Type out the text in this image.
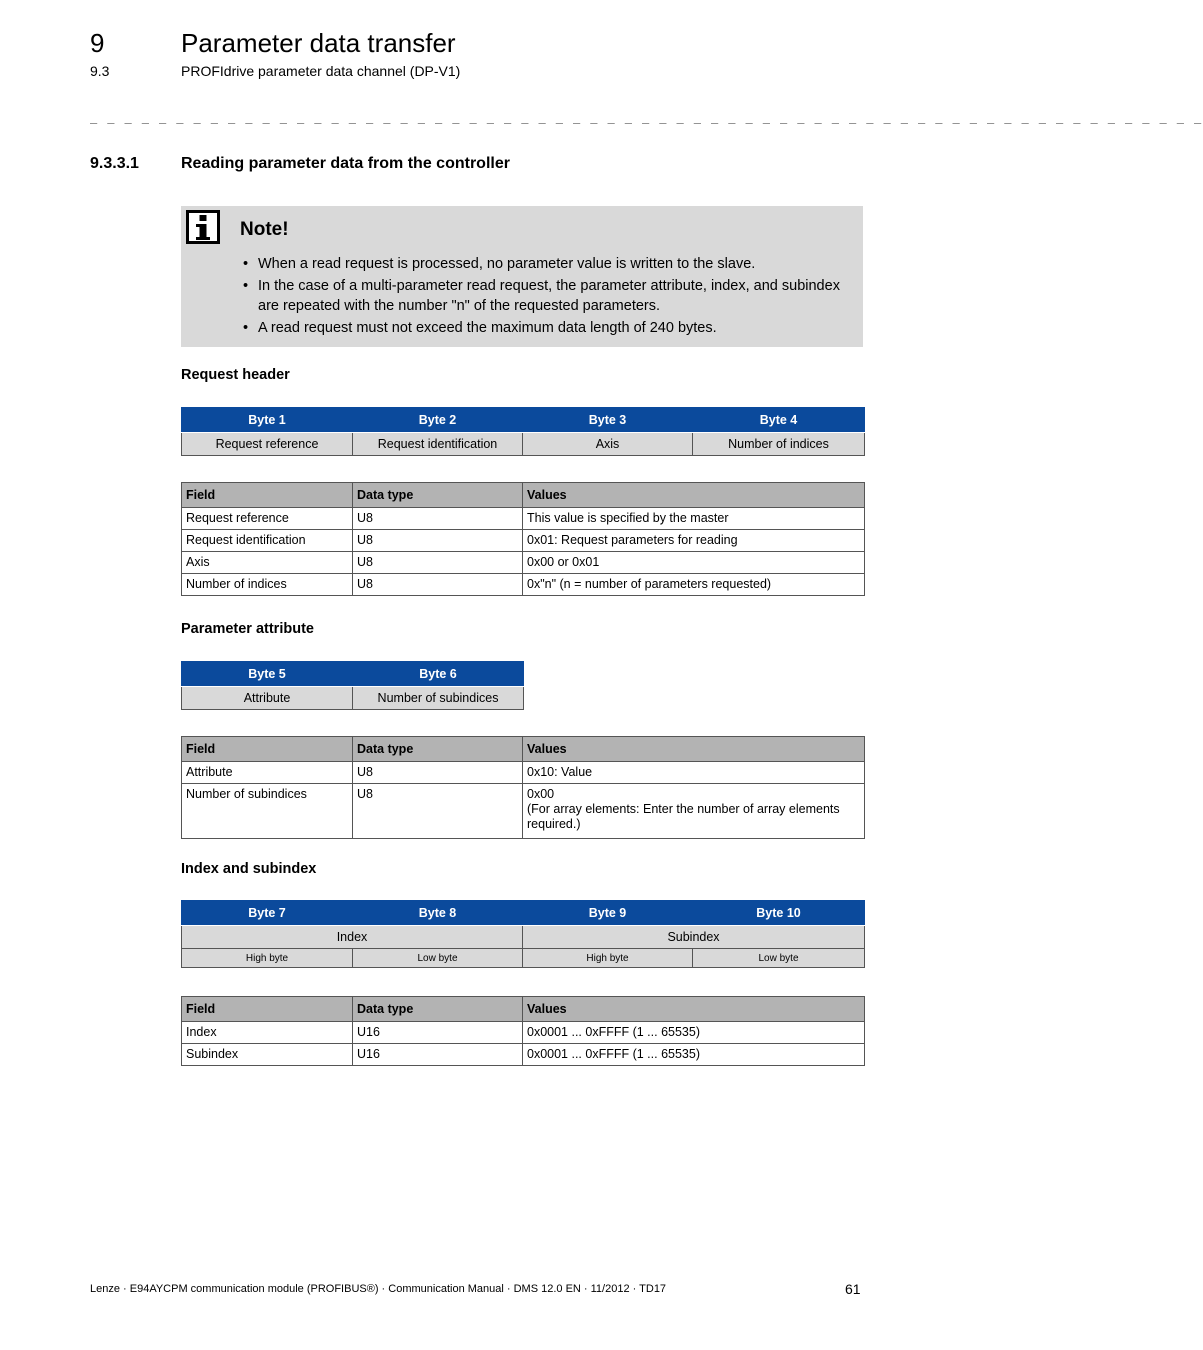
9	Parameter data transfer
9.3	PROFIdrive parameter data channel (DP-V1)
_ _ _ _ _ _ _ _ _ _ _ _ _ _ _ _ _ _ _ _ _ _ _ _ _ _ _ _ _ _ _ _ _ _ _ _ _ _ _ _ _ _ _ _ _ _ _ _ _ _ _ _ _ _ _ _ _ _ _ _ _ _ _ _ _
9.3.3.1	Reading parameter data from the controller
Note!
• When a read request is processed, no parameter value is written to the slave.
• In the case of a multi-parameter read request, the parameter attribute, index, and subindex are repeated with the number "n" of the requested parameters.
• A read request must not exceed the maximum data length of 240 bytes.
Request header
Byte 1	Byte 2	Byte 3	Byte 4
Request reference	Request identification	Axis	Number of indices
Field	Data type	Values
Request reference	U8	This value is specified by the master
Request identification	U8	0x01: Request parameters for reading
Axis	U8	0x00 or 0x01
Number of indices	U8	0x"n" (n = number of parameters requested)
Parameter attribute
Byte 5	Byte 6
Attribute	Number of subindices
Field	Data type	Values
Attribute	U8	0x10: Value
Number of subindices	U8	0x00
(For array elements: Enter the number of array elements required.)
Index and subindex
Byte 7	Byte 8	Byte 9	Byte 10
Index		Subindex	
High byte	Low byte	High byte	Low byte
Field	Data type	Values
Index	U16	0x0001 ... 0xFFFF (1 ... 65535)
Subindex	U16	0x0001 ... 0xFFFF (1 ... 65535)
Lenze · E94AYCPM communication module (PROFIBUS®) · Communication Manual · DMS 12.0 EN · 11/2012 · TD17	61
